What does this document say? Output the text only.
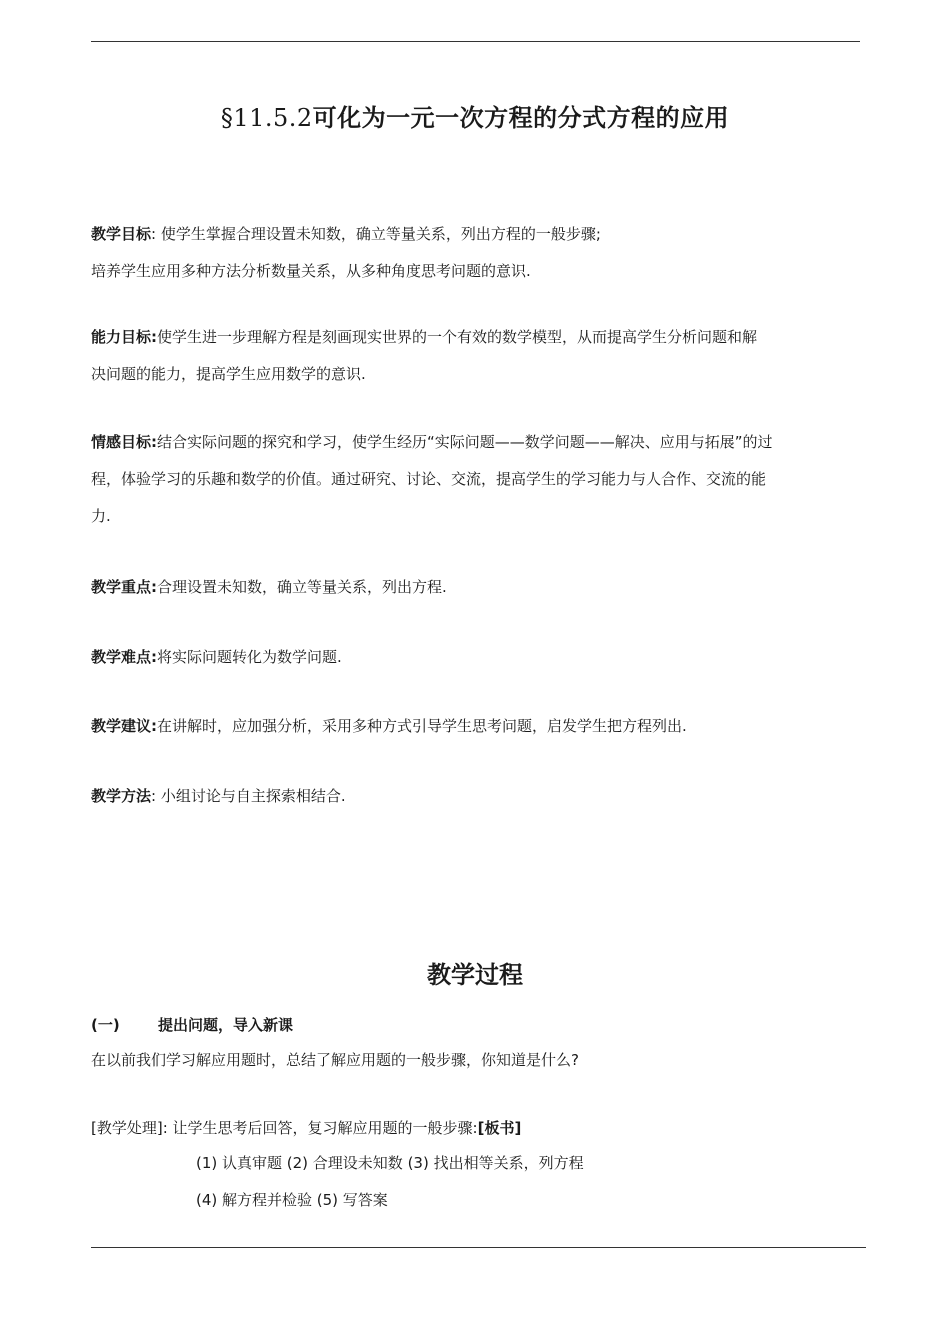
§11.5.2可化为一元一次方程的分式方程的应用
教学目标: 使学生掌握合理设置未知数，确立等量关系，列出方程的一般步骤;
培养学生应用多种方法分析数量关系，从多种角度思考问题的意识.
能力目标:使学生进一步理解方程是刻画现实世界的一个有效的数学模型，从而提高学生分析问题和解
决问题的能力，提高学生应用数学的意识.
情感目标:结合实际问题的探究和学习，使学生经历“实际问题——数学问题——解决、应用与拓展”的过
程，体验学习的乐趣和数学的价值。通过研究、讨论、交流，提高学生的学习能力与人合作、交流的能
力.
教学重点:合理设置未知数，确立等量关系，列出方程.
教学难点:将实际问题转化为数学问题.
教学建议:在讲解时，应加强分析，采用多种方式引导学生思考问题，启发学生把方程列出.
教学方法: 小组讨论与自主探索相结合.
教学过程
(一)	提出问题，导入新课
在以前我们学习解应用题时，总结了解应用题的一般步骤，你知道是什么?
[教学处理]: 让学生思考后回答，复习解应用题的一般步骤:[板书]
(1) 认真审题 (2) 合理设未知数 (3) 找出相等关系，列方程
(4) 解方程并检验 (5) 写答案
